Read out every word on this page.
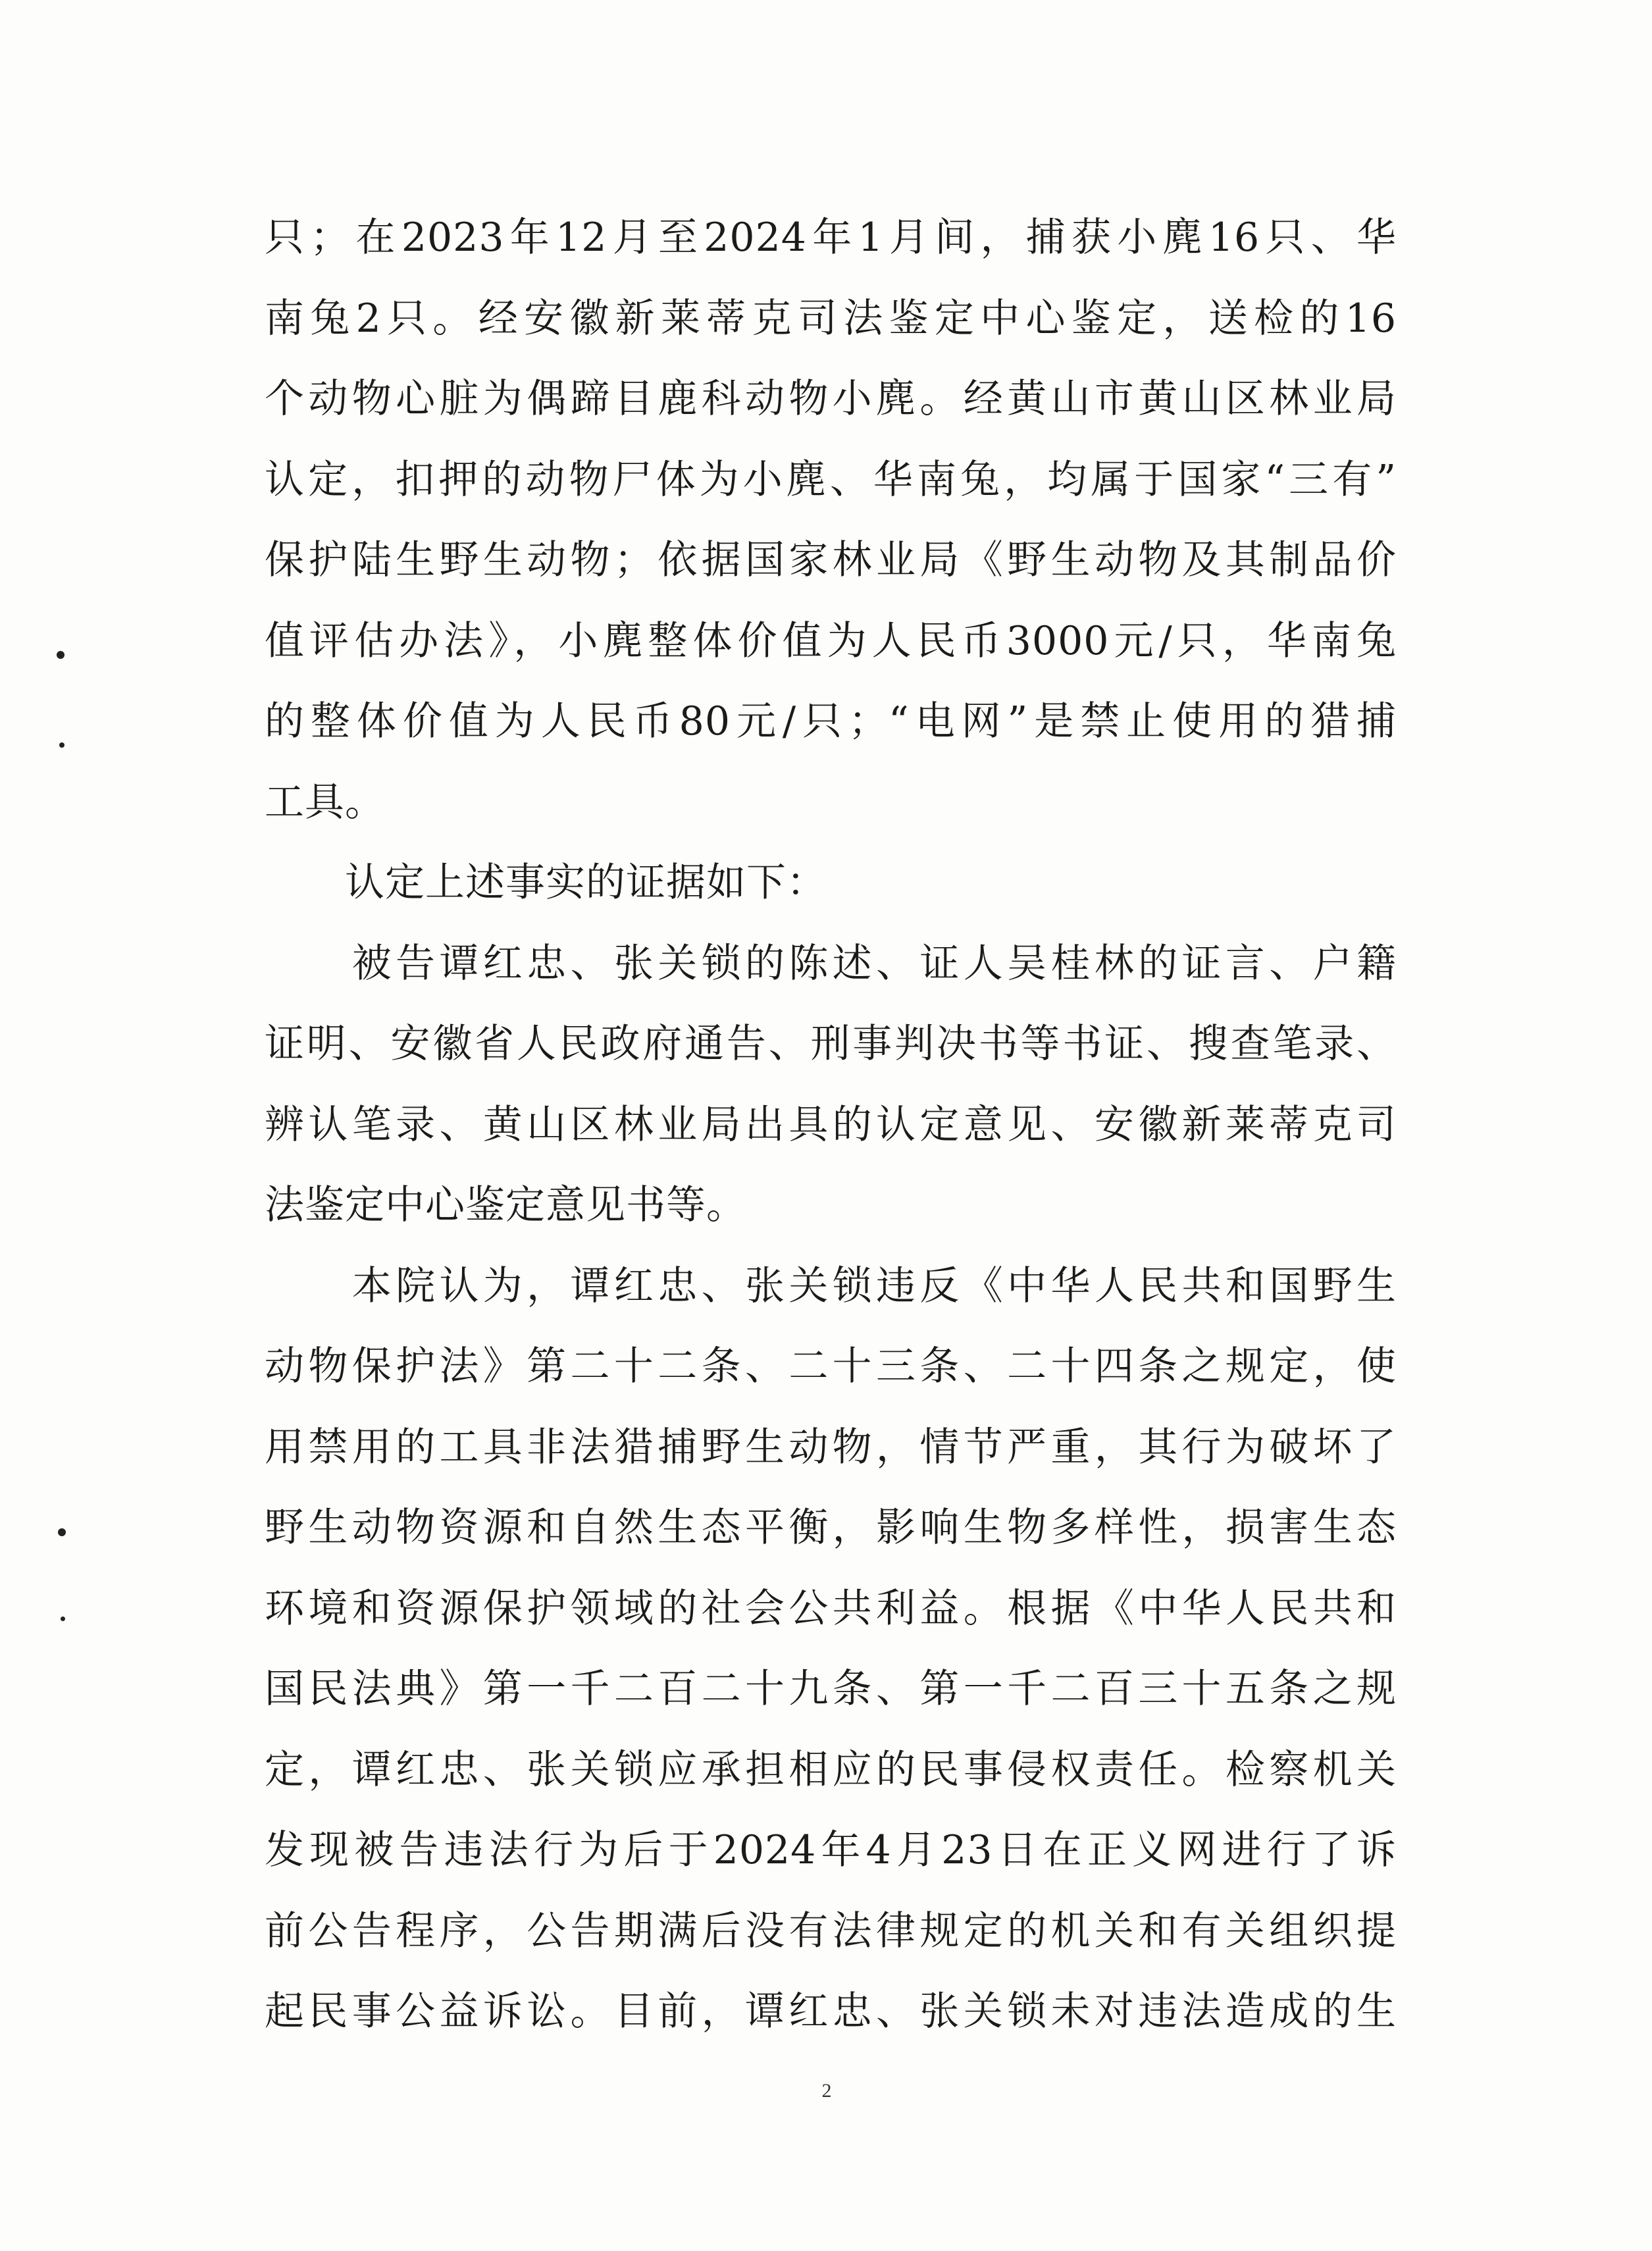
只；在2023年12月至2024年1月间，捕获小麂16只、华
南兔2只。经安徽新莱蒂克司法鉴定中心鉴定，送检的16
个动物心脏为偶蹄目鹿科动物小麂。经黄山市黄山区林业局
认定，扣押的动物尸体为小麂、华南兔，均属于国家“三有”
保护陆生野生动物；依据国家林业局《野生动物及其制品价
值评估办法》，小麂整体价值为人民币3000元/只，华南兔
的整体价值为人民币80元/只；“电网”是禁止使用的猎捕
工具。
　　认定上述事实的证据如下：
　　被告谭红忠、张关锁的陈述、证人吴桂林的证言、户籍
证明、安徽省人民政府通告、刑事判决书等书证、搜查笔录、
辨认笔录、黄山区林业局出具的认定意见、安徽新莱蒂克司
法鉴定中心鉴定意见书等。
　　本院认为，谭红忠、张关锁违反《中华人民共和国野生
动物保护法》第二十二条、二十三条、二十四条之规定，使
用禁用的工具非法猎捕野生动物，情节严重，其行为破坏了
野生动物资源和自然生态平衡，影响生物多样性，损害生态
环境和资源保护领域的社会公共利益。根据《中华人民共和
国民法典》第一千二百二十九条、第一千二百三十五条之规
定，谭红忠、张关锁应承担相应的民事侵权责任。检察机关
发现被告违法行为后于2024年4月23日在正义网进行了诉
前公告程序，公告期满后没有法律规定的机关和有关组织提
起民事公益诉讼。目前，谭红忠、张关锁未对违法造成的生
2
